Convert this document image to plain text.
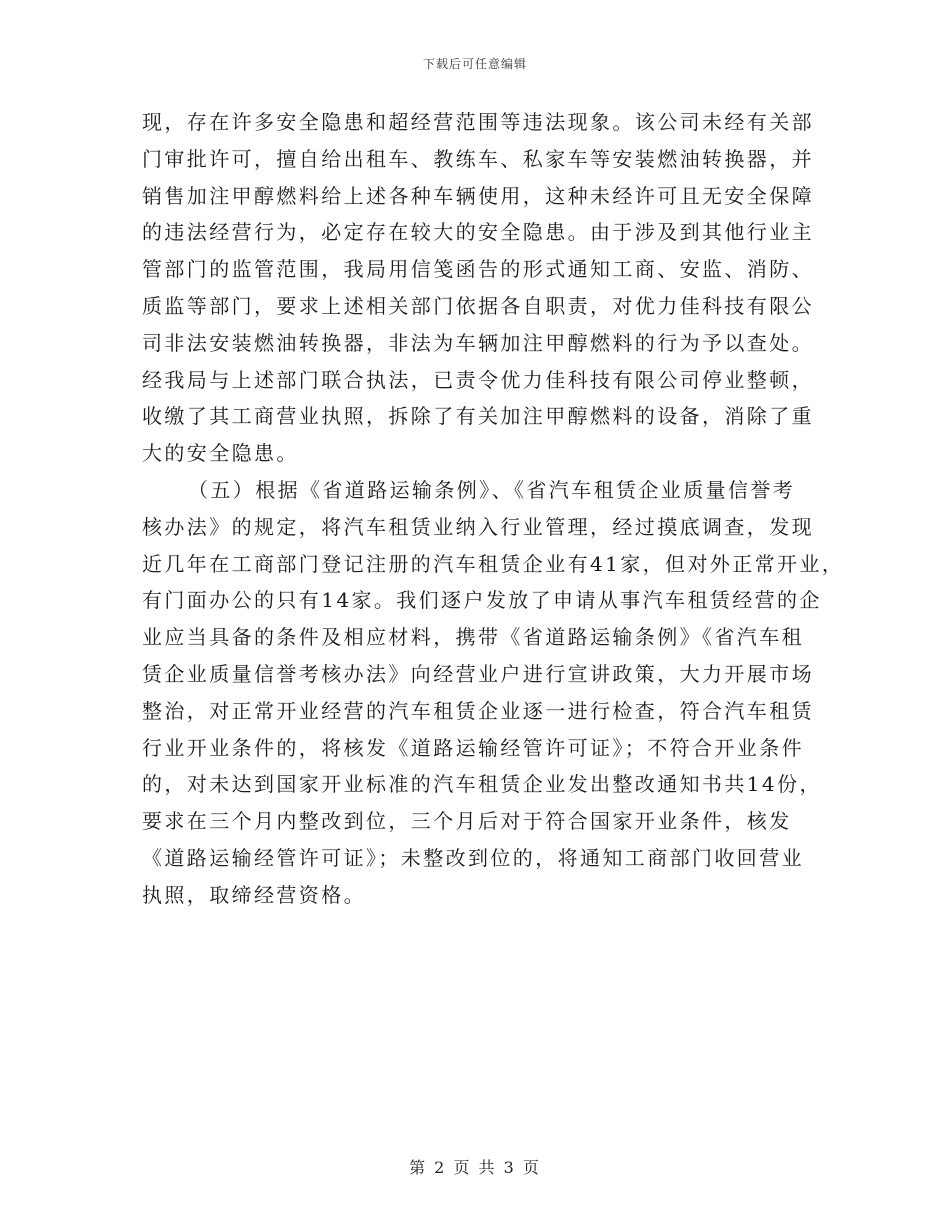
下载后可任意编辑
现，存在许多安全隐患和超经营范围等违法现象。该公司未经有关部
门审批许可，擅自给出租车、教练车、私家车等安装燃油转换器，并
销售加注甲醇燃料给上述各种车辆使用，这种未经许可且无安全保障
的违法经营行为，必定存在较大的安全隐患。由于涉及到其他行业主
管部门的监管范围，我局用信笺函告的形式通知工商、安监、消防、
质监等部门，要求上述相关部门依据各自职责，对优力佳科技有限公
司非法安装燃油转换器，非法为车辆加注甲醇燃料的行为予以查处。
经我局与上述部门联合执法，已责令优力佳科技有限公司停业整顿，
收缴了其工商营业执照，拆除了有关加注甲醇燃料的设备，消除了重
大的安全隐患。
（五）根据《省道路运输条例》、《省汽车租赁企业质量信誉考
核办法》的规定，将汽车租赁业纳入行业管理，经过摸底调查，发现
近几年在工商部门登记注册的汽车租赁企业有41家，但对外正常开业，
有门面办公的只有14家。我们逐户发放了申请从事汽车租赁经营的企
业应当具备的条件及相应材料，携带《省道路运输条例》《省汽车租
赁企业质量信誉考核办法》向经营业户进行宣讲政策，大力开展市场
整治，对正常开业经营的汽车租赁企业逐一进行检查，符合汽车租赁
行业开业条件的，将核发《道路运输经管许可证》；不符合开业条件
的，对未达到国家开业标准的汽车租赁企业发出整改通知书共14份，
要求在三个月内整改到位，三个月后对于符合国家开业条件，核发
《道路运输经管许可证》；未整改到位的，将通知工商部门收回营业
执照，取缔经营资格。
第 2 页 共 3 页
